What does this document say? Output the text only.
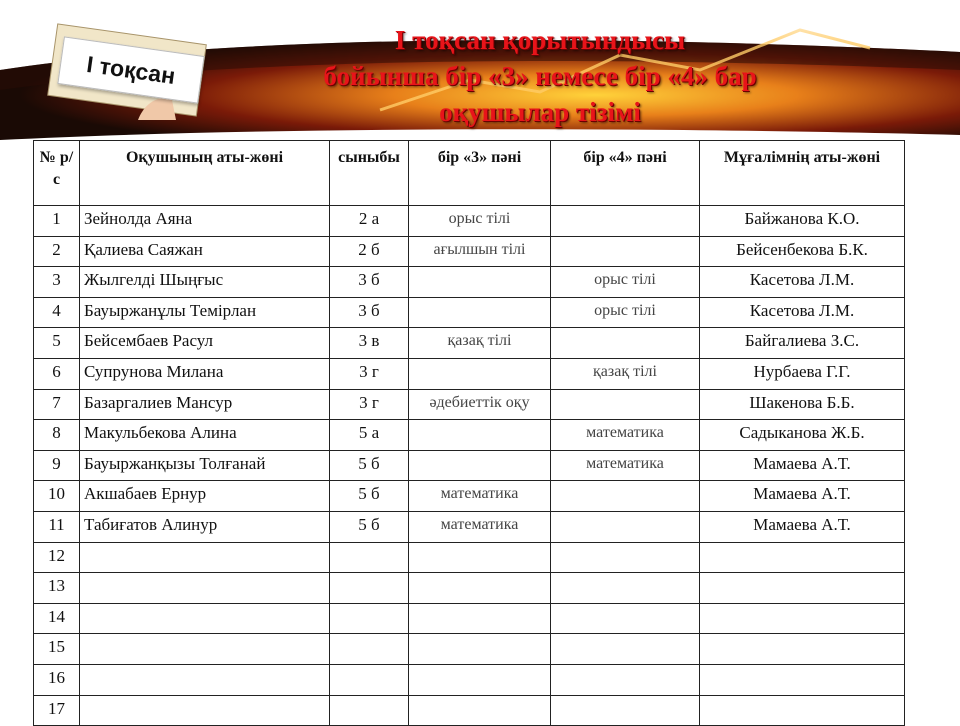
I тоқсан
I тоқсан қорытындысы
бойынша бір «3» немесе бір «4» бар
оқушылар тізімі
№ р/с	Оқушының аты-жөні	сыныбы	бір «3» пәні	бір «4» пәні	Мұғалімнің аты-жөні
1	Зейнолда Аяна	2 а	орыс тілі		Байжанова К.О.
2	Қалиева Саяжан	2 б	ағылшын тілі		Бейсенбекова Б.К.
3	Жылгелді Шыңғыс	3 б		орыс тілі	Касетова Л.М.
4	Бауыржанұлы Темірлан	3 б		орыс тілі	Касетова Л.М.
5	Бейсембаев Расул	3 в	қазақ тілі		Байгалиева З.С.
6	Супрунова Милана	3 г		қазақ тілі	Нурбаева Г.Г.
7	Базаргалиев Мансур	3 г	әдебиеттік оқу		Шакенова Б.Б.
8	Макульбекова Алина	5 а		математика	Садыканова Ж.Б.
9	Бауыржанқызы Толғанай	5 б		математика	Мамаева А.Т.
10	Акшабаев Ернур	5 б	математика		Мамаева А.Т.
11	Табиғатов Алинур	5 б	математика		Мамаева А.Т.
12					
13					
14					
15					
16					
17					
